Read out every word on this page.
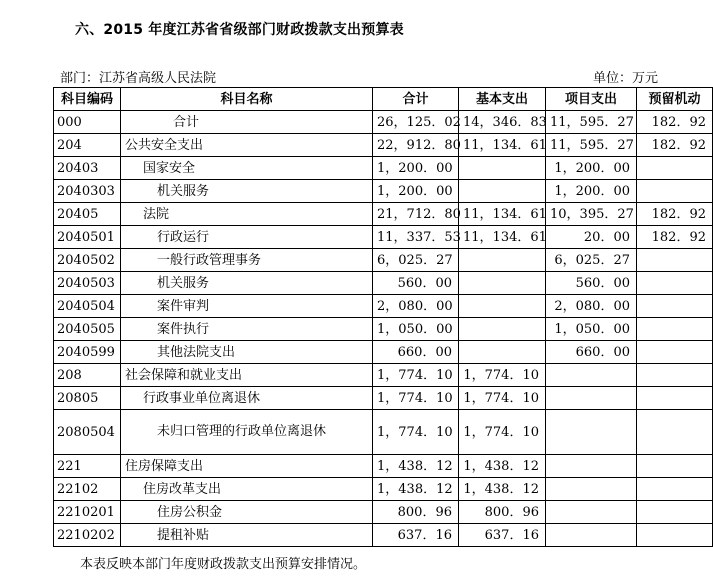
六、2015 年度江苏省省级部门财政拨款支出预算表
部门：江苏省高级人民法院	单位：万元
科目编码	科目名称	合计	基本支出	项目支出	预留机动
000	合计	26，125．02	14，346．83	11，595．27	182．92
204	公共安全支出	22，912．80	11，134．61	11，595．27	182．92
20403	国家安全	1，200．00		1，200．00	
2040303	机关服务	1，200．00		1，200．00	
20405	法院	21，712．80	11，134．61	10，395．27	182．92
2040501	行政运行	11，337．53	11，134．61	20．00	182．92
2040502	一般行政管理事务	6，025．27		6，025．27	
2040503	机关服务	560．00		560．00	
2040504	案件审判	2，080．00		2，080．00	
2040505	案件执行	1，050．00		1，050．00	
2040599	其他法院支出	660．00		660．00	
208	社会保障和就业支出	1，774．10	1，774．10		
20805	行政事业单位离退休	1，774．10	1，774．10		
2080504	未归口管理的行政单位离退休	1，774．10	1，774．10		
221	住房保障支出	1，438．12	1，438．12		
22102	住房改革支出	1，438．12	1，438．12		
2210201	住房公积金	800．96	800．96		
2210202	提租补贴	637．16	637．16		
本表反映本部门年度财政拨款支出预算安排情况。
